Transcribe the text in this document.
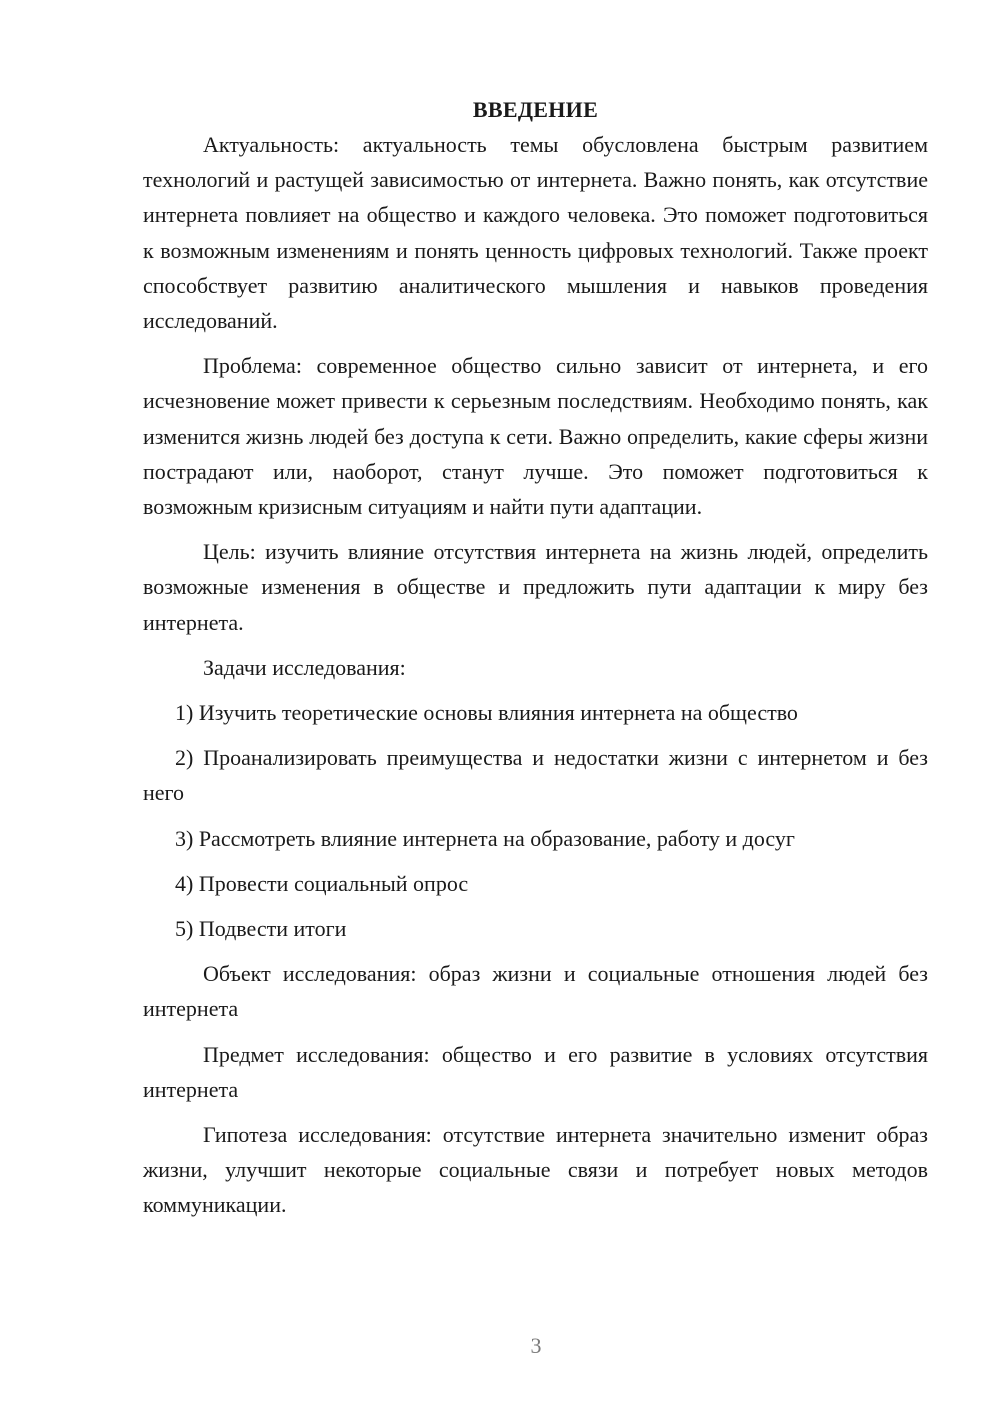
ВВЕДЕНИЕ

Актуальность: актуальность темы обусловлена быстрым развитием технологий и растущей зависимостью от интернета. Важно понять, как отсутствие интернета повлияет на общество и каждого человека. Это поможет подготовиться к возможным изменениям и понять ценность цифровых технологий. Также проект способствует развитию аналитического мышления и навыков проведения исследований.

Проблема: современное общество сильно зависит от интернета, и его исчезновение может привести к серьезным последствиям. Необходимо понять, как изменится жизнь людей без доступа к сети. Важно определить, какие сферы жизни пострадают или, наоборот, станут лучше. Это поможет подготовиться к возможным кризисным ситуациям и найти пути адаптации.

Цель: изучить влияние отсутствия интернета на жизнь людей, определить возможные изменения в обществе и предложить пути адаптации к миру без интернета.

Задачи исследования:

1) Изучить теоретические основы влияния интернета на общество

2) Проанализировать преимущества и недостатки жизни с интернетом и без него

3) Рассмотреть влияние интернета на образование, работу и досуг

4) Провести социальный опрос

5) Подвести итоги

Объект исследования: образ жизни и социальные отношения людей без интернета

Предмет исследования: общество и его развитие в условиях отсутствия интернета

Гипотеза исследования: отсутствие интернета значительно изменит образ жизни, улучшит некоторые социальные связи и потребует новых методов коммуникации.

3
